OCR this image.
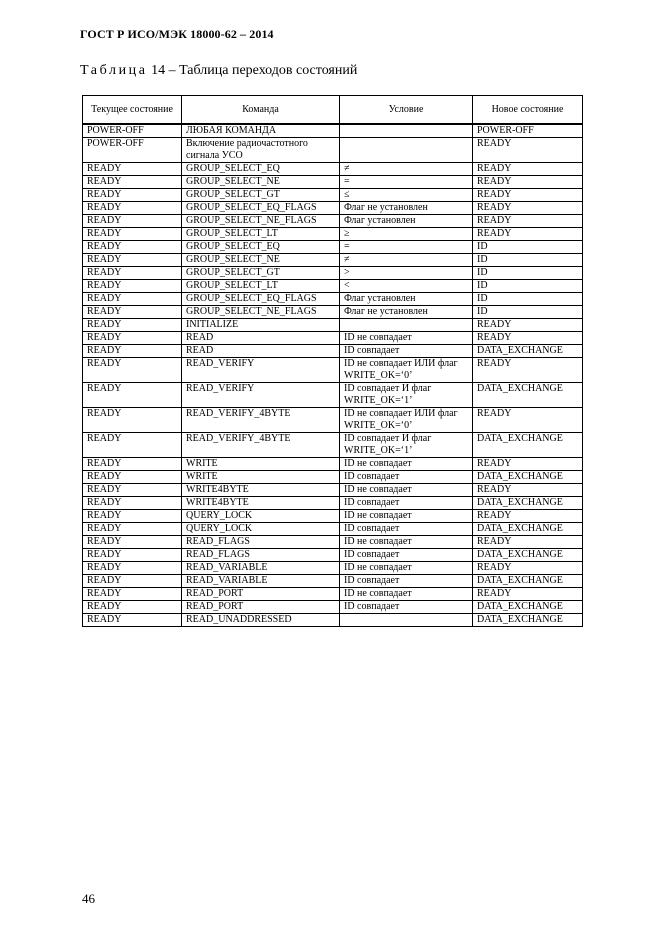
ГОСТ Р ИСО/МЭК 18000-62 – 2014
Таблица 14 – Таблица переходов состояний
Текущее состояние	Команда	Условие	Новое состояние
POWER-OFF	ЛЮБАЯ КОМАНДА		POWER-OFF
POWER-OFF	Включение радиочастотного сигнала УСО		READY
READY	GROUP_SELECT_EQ	≠	READY
READY	GROUP_SELECT_NE	=	READY
READY	GROUP_SELECT_GT	≤	READY
READY	GROUP_SELECT_EQ_FLAGS	Флаг не установлен	READY
READY	GROUP_SELECT_NE_FLAGS	Флаг установлен	READY
READY	GROUP_SELECT_LT	≥	READY
READY	GROUP_SELECT_EQ	=	ID
READY	GROUP_SELECT_NE	≠	ID
READY	GROUP_SELECT_GT	>	ID
READY	GROUP_SELECT_LT	<	ID
READY	GROUP_SELECT_EQ_FLAGS	Флаг установлен	ID
READY	GROUP_SELECT_NE_FLAGS	Флаг не установлен	ID
READY	INITIALIZE		READY
READY	READ	ID не совпадает	READY
READY	READ	ID совпадает	DATA_EXCHANGE
READY	READ_VERIFY	ID не совпадает ИЛИ флаг WRITE_OK=‘0’	READY
READY	READ_VERIFY	ID совпадает И флаг WRITE_OK=‘1’	DATA_EXCHANGE
READY	READ_VERIFY_4BYTE	ID не совпадает ИЛИ флаг WRITE_OK=‘0’	READY
READY	READ_VERIFY_4BYTE	ID совпадает И флаг WRITE_OK=‘1’	DATA_EXCHANGE
READY	WRITE	ID не совпадает	READY
READY	WRITE	ID совпадает	DATA_EXCHANGE
READY	WRITE4BYTE	ID не совпадает	READY
READY	WRITE4BYTE	ID совпадает	DATA_EXCHANGE
READY	QUERY_LOCK	ID не совпадает	READY
READY	QUERY_LOCK	ID совпадает	DATA_EXCHANGE
READY	READ_FLAGS	ID не совпадает	READY
READY	READ_FLAGS	ID совпадает	DATA_EXCHANGE
READY	READ_VARIABLE	ID не совпадает	READY
READY	READ_VARIABLE	ID совпадает	DATA_EXCHANGE
READY	READ_PORT	ID не совпадает	READY
READY	READ_PORT	ID совпадает	DATA_EXCHANGE
READY	READ_UNADDRESSED		DATA_EXCHANGE
46
